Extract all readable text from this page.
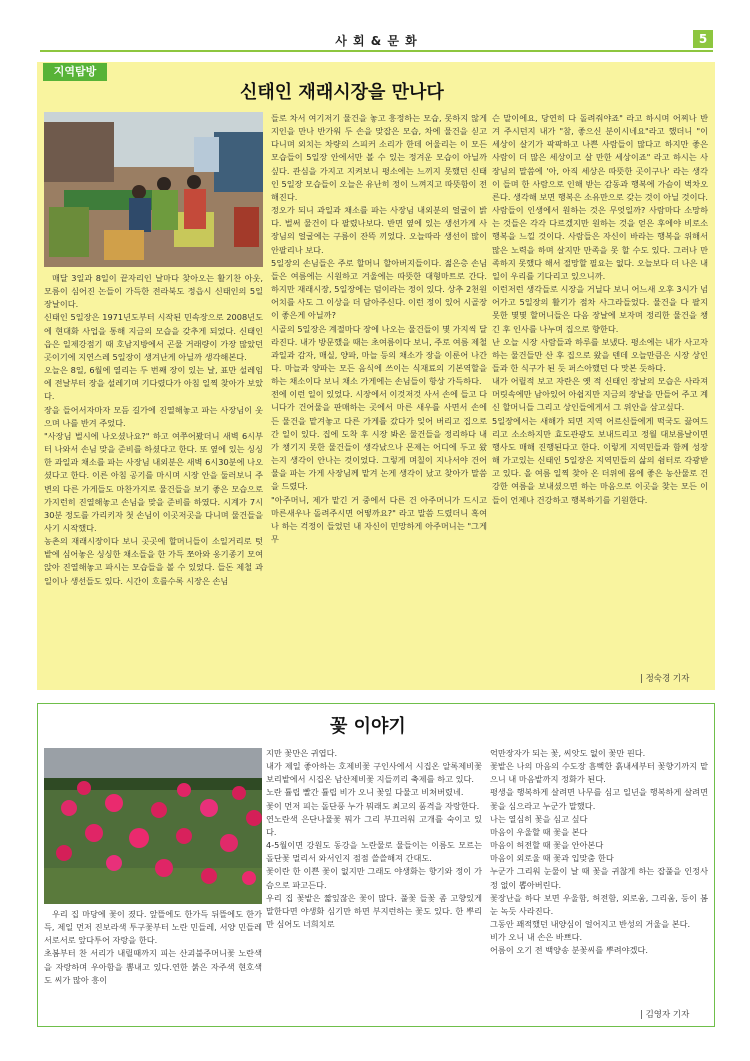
사 회 & 문 화	5
지역탐방
신태인 재래시장을 만나다

매달 3일과 8일이 끝자리인 날마다 찾아오는 활기찬 아웃, 모름이 심어진 논들이 가득한 전라북도 정읍시 신태인의 5일장날이다.

신태인 5일장은 1971년도부터 시작된 민속장으로 2008년도에 현대화 사업을 통해 지금의 모습을 갖추게 되었다. 신태인읍은 일제강점기 때 호남지방에서 곤물 거래량이 가장 많았던 곳이기에 지연스레 5일장이 생겨난게 아닐까 생각해본다.

오늘은 8일, 6월에 열리는 두 번째 장이 있는 날, 표만 설레임에 전날부터 장을 설레기며 기다렸다가 아침 일찍 찾아가 보았다.

장을 들어서자마자 모듬 길가에 진열해놓고 파는 사장님이 웃으며 나를 반겨 주었다.

"사장님 벌시에 나오셨나요?" 하고 여쭈어봤더니 새벽 6시부터 나와서 손님 맞을 준비를 하셨다고 한다. 또 옆에 있는 싱싱한 과일과 채소를 파는 사장님 내외분은 새벽 6시30분에 나오셨다고 한다. 이른 아침 공기를 마시며 시장 안을 둘러보니 주변의 다른 가게들도 마찬가지로 물건들을 보기 좋은 모습으로 가지런히 진열해놓고 손님을 맞을 준비를 하였다. 시계가 7시 30분 정도를 가리키자 첫 손님이 이곳저곳을 다니며 물건들을 사기 시작했다.

농촌의 재래시장이다 보니 곳곳에 할머니들이 소일거리로 텃밭에 심어놓은 싱싱한 채소들을 한 가득 쪼아와 옹기종기 모여 앉아 진열해놓고 파시는 모습들을 볼 수 있었다. 들돈 제철 과일이나 생선들도 있다. 시간이 흐를수록 시장은 손님

들로 차서 여기저기 물건을 놓고 흥정하는 모습, 못하지 않게 지인을 만나 반가워 두 손을 맞잡은 모습, 차에 물건을 싣고 다니며 외치는 차량의 스피커 소리가 한데 어울리는 이 모든 모습들이 5일장 안에서만 볼 수 있는 정겨운 모습이 아닐까 싶다. 관심을 가지고 지켜보니 평소에는 느끼지 못했던 신태인 5일장 모습들이 오늘은 유난히 정이 느껴지고 따뜻함이 전해진다.

정오가 되니 과일과 채소를 파는 사장님 내외분의 얼굴이 밝다. 벌써 물건이 다 팔렸나보다. 반면 옆에 있는 생선가게 사장님의 얼굴에는 구름이 잔뜩 끼었다. 오늘따라 생선이 많이 안팔리나 보다.

5일장의 손님들은 주로 할머니 할아버지들이다. 젊은층 손님들은 여름에는 시원하고 겨울에는 따뜻한 대형마트로 간다. 하지만 재래시장, 5일장에는 덤이라는 정이 있다. 상추 2천원어치를 사도 그 이상을 더 담아주신다. 이런 정이 있어 시골장이 좋은게 아닐까?

시골의 5일장은 계절마다 장에 나오는 물건들이 몇 가지씩 달라진다. 내가 방문했을 때는 초여름이다 보니, 주로 여름 제철과일과 감자, 매실, 양파, 마늘 등의 채소가 장을 이룬어 나간다. 마늘과 양파는 모든 음식에 쓰이는 식재료의 기본역할을 하는 채소이다 보니 채소 가게에는 손님들이 항상 가득하다.

전에 이런 일이 있었다. 시장에서 이것저것 사서 손에 들고 다니다가 건어물을 판매하는 곳에서 마른 새우를 사면서 손에 든 물건을 맡겨놓고 다른 가게를 갔다가 잊어 버리고 집으로 간 일이 있다. 집에 도착 후 시장 봐온 물건들을 정리하다 내가 챙기지 못한 물건들이 생각났으나 몬제는 어디에 두고 왔는지 생각이 안나는 것이었다. 그렇게 며칠이 지나서야 건어물을 파는 가게 사장님께 맡겨 논게 생각이 났고 찾아가 말씀을 드렸다.

"아주머니, 제가 맡긴 거 중에서 다른 건 아주머니가 드시고 마른새우나 돌려주시면 어떻까요?" 라고 말씀 드렸더니 혹여나 하는 걱정이 들었던 내 자신이 민망하게 아주머니는 "그게 무

슨 말이에요, 당연히 다 돌려줘야죠" 라고 하시며 어찌나 반겨 주시던지 내가 "참, 좋으신 분이시네요"라고 했더니 "이 세상이 살기가 팍팍하고 나쁜 사람들이 많다고 하지만 좋은 사람이 더 많은 세상이고 살 만한 세상이죠" 라고 하시는 사장님의 말씀에 '아, 아직 세상은 따뜻한 곳이구나' 라는 생각이 들며 한 사람으로 인해 받는 감동과 행복에 가슴이 벅차오른다. 생각해 보면 행복은 소유만으로 갖는 것이 아닐 것이다. 사람들이 인생에서 원하는 것은 무엇일까? 사람마다 소망하는 것들은 각각 다르겠지만 원하는 것을 얻은 후에야 비로소 행복을 느낄 것이다. 사람들은 자신이 바라는 행복을 위해서 많은 노력을 하며 살지만 만족을 못 할 수도 있다. 그러나 만족하지 못했다 해서 절망할 필요는 없다. 오늘보다 더 나은 내일이 우리를 기다리고 있으니까.

이런저런 생각들로 시장을 거닐다 보니 어느새 오후 3시가 넘어가고 5일장의 활기가 점차 사그라들었다. 물건을 다 팔지 못한 몇몇 할머니들은 다음 장날에 보자며 정리한 물건을 챙긴 후 인사를 나누며 집으로 향한다.

난 오늘 시장 사람들과 하루를 보냈다. 평소에는 내가 사고자 하는 물건들만 산 후 집으로 왔을 텐데 오늘만큼은 시장 상인들과 한 식구가 된 듯 퍼스아했던 다 맛본 듯하다.

내가 어릴적 보고 자란은 옛 적 신태인 장날의 모습은 사라져 머릿속에만 남아있어 아쉽지만 지금의 장날을 만들어 주고 계신 할머니들 그리고 상인들에게서 그 위안을 삼고싶다.

5일장에서는 새해가 되면 지역 어르신들에게 떡국도 끓여드리고 소소하지만 효도관광도 보내드리고 정월 대보름날이면 행사도 매해 진행된다고 한다. 이렇게 지역민들과 함께 성장해 가고있는 신태인 5일장은 지역민들의 삶의 쉼터로 각광받고 있다. 올 여름 일찍 찾아 온 더위에 몸에 좋은 농산물로 건강한 여름을 보내셨으면 하는 마음으로 이곳을 찾는 모든 이들이 언제나 건강하고 행복하기를 기원한다.

| 정숙경 기자
꽃 이야기

우리 집 마당에 꽃이 졌다. 앞뜰에도 한가득 뒤뜰에도 한가득, 제일 먼저 진보라색 투구꽃부터 노란 민들레, 서양 민들레 서로서로 앞다투어 자랑을 한다.

초봄부터 찬 서리가 내릴때까지 피는 산괴불주머니꽃 노란색을 자랑하며 우아함을 뽐내고 있다.연한 붉은 자주색 현호색도 씨가 많아 흥이

지만 꽃만은 귀엽다.

내가 제일 좋아하는 호제비꽃 구인사에서 시집온 알록제비꽃 보리밭에서 시집온 남산제비꽃 지들끼리 축제를 하고 있다.

노란 튤립 빨간 튤립 비가 오니 꽃잎 다물고 비쳐버렸네.

꽃이 먼저 피는 돌단풍 누가 뭐래도 최고의 품격을 자랑한다.

연노란색 은단나물꽃 뭐가 그리 부끄러워 고개를 숙이고 있다.

4-5월이면 강원도 동강을 노란물로 물들이는 이름도 모르는 돌단꽃 멀리서 와서인지 점점 쓸쓸해져 간대도.

꽃이란 한 이쁜 꽃이 없지만 그래도 야생화는 향기와 정이 가슴으로 파고든다.

우리 집 꽃밭은 짧잎잖은 꽃이 많다. 풀꽃 들꽃 좀 고향있게 말한다면 야생화 심기만 하면 부지런하는 꽃도 있다. 한 뿌리만 심어도 너희치로

억만장자가 되는 꽃, 씨앗도 없이 꽃만 핀다.

꽃밭은 나의 마음의 수도장 흠뻑한 흙내세부터 꽃향기까지 맡으니 내 마음밭까지 정화가 된다.

평생을 행복하게 살려면 나무를 심고 일년을 행복하게 살려면 꽃을 심으라고 누군가 말했다.

나는 열심히 꽃을 심고 싶다

마음이 우울할 때 꽃을 본다

마음이 허전할 때 꽃을 안아본다

마음이 외로울 때 꽃과 입맞춤 한다

누군가 그리워 눈물이 날 때 꽃을 귀찮게 하는 잡풀을 인정사정 없이 뽑아버린다.

꽃장난을 하다 보면 우울함, 허전함, 외로움, 그리움, 등이 봄눈 녹듯 사라진다.

그동안 꽤적했던 내양심이 얼어지고 반성의 거울을 본다.

비가 오니 내 손은 바쁘다.

어름이 오기 전 백양송 분꽃씨를 뿌려야겠다.

| 김영자 기자
